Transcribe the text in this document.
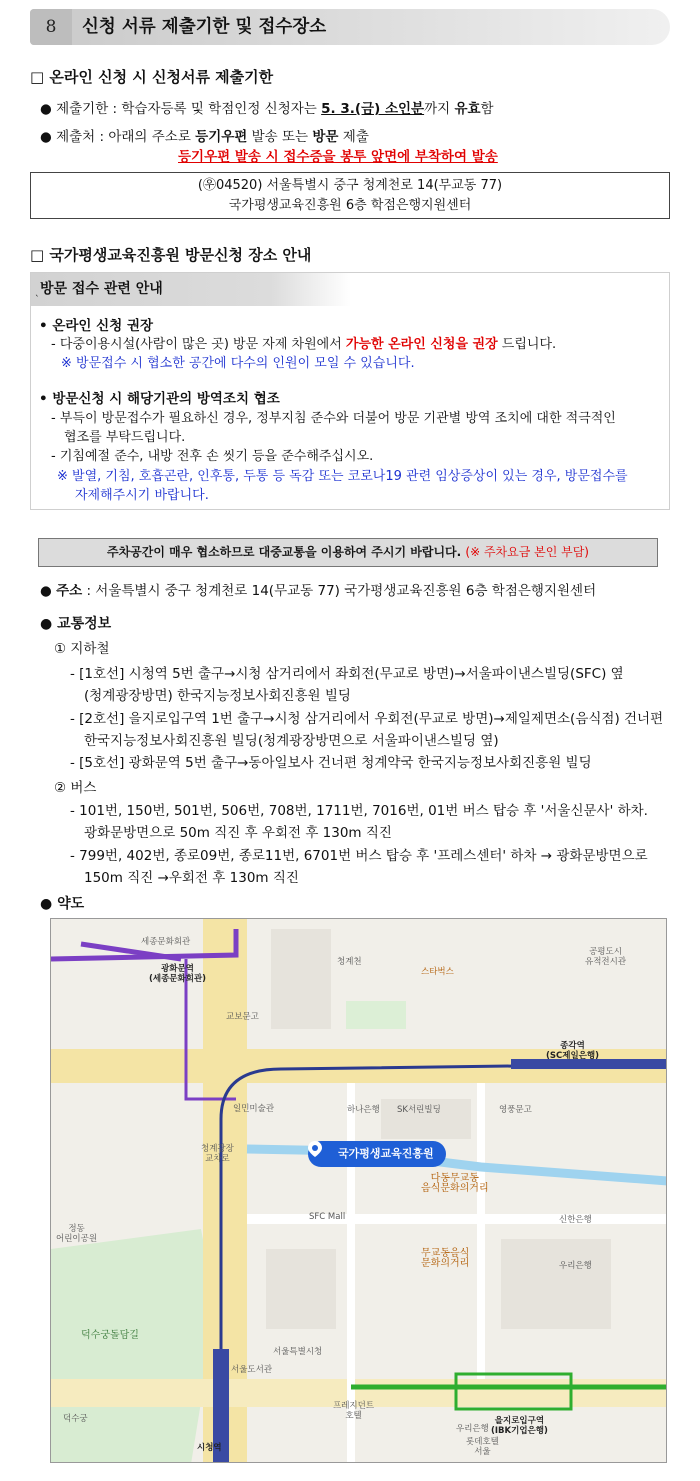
8	신청 서류 제출기한 및 접수장소
□ 온라인 신청 시 신청서류 제출기한
● 제출기한 : 학습자등록 및 학점인정 신청자는 5. 3.(금) 소인분까지 유효함
● 제출처 : 아래의 주소로 등기우편 발송 또는 방문 제출
등기우편 발송 시 접수증을 봉투 앞면에 부착하여 발송
(㉾04520) 서울특별시 중구 청계천로 14(무교동 77)
국가평생교육진흥원 6층 학점은행지원센터
□ 국가평생교육진흥원 방문신청 장소 안내
방문 접수 관련 안내
`
• 온라인 신청 권장
- 다중이용시설(사람이 많은 곳) 방문 자제 차원에서 가능한 온라인 신청을 권장 드립니다.
※ 방문접수 시 협소한 공간에 다수의 인원이 모일 수 있습니다.
• 방문신청 시 해당기관의 방역조치 협조
- 부득이 방문접수가 필요하신 경우, 정부지침 준수와 더불어 방문 기관별 방역 조치에 대한 적극적인
협조를 부탁드립니다.
- 기침예절 준수, 내방 전후 손 씻기 등을 준수해주십시오.
※ 발열, 기침, 호흡곤란, 인후통, 두통 등 독감 또는 코로나19 관련 임상증상이 있는 경우, 방문접수를
자제해주시기 바랍니다.
주차공간이 매우 협소하므로 대중교통을 이용하여 주시기 바랍니다. (※ 주차요금 본인 부담)
● 주소 : 서울특별시 중구 청계천로 14(무교동 77) 국가평생교육진흥원 6층 학점은행지원센터
● 교통정보
① 지하철
- [1호선] 시청역 5번 출구→시청 삼거리에서 좌회전(무교로 방면)→서울파이낸스빌딩(SFC) 옆
(청계광장방면) 한국지능정보사회진흥원 빌딩
- [2호선] 을지로입구역 1번 출구→시청 삼거리에서 우회전(무교로 방면)→제일제면소(음식점) 건너편
한국지능정보사회진흥원 빌딩(청계광장방면으로 서울파이낸스빌딩 옆)
- [5호선] 광화문역 5번 출구→동아일보사 건너편 청계약국 한국지능정보사회진흥원 빌딩
② 버스
- 101번, 150번, 501번, 506번, 708번, 1711번, 7016번, 01번 버스 탑승 후 '서울신문사' 하차.
광화문방면으로 50m 직진 후 우회전 후 130m 직진
- 799번, 402번, 종로09번, 종로11번, 6701번 버스 탑승 후 '프레스센터' 하차 → 광화문방면으로
150m 직진 →우회전 후 130m 직진
● 약도
국가평생교육진흥원
광화문역
(세종문화회관)
종각역
(SC제일은행)
시청역
을지로입구역
(IBK기업은행)
덕수궁돌담길
덕수궁
SFC Mall
다동무교동
음식문화의거리
무교동음식
문화의거리
청계천
서울특별시청
하나은행
교보문고
세종문화회관
스타벅스
신한은행
우리은행
청계광장
교차로
프레지던트
호텔
SK서린빌딩	영풍문고
우리은행
롯데호텔
서울
일민미술관
공평도시
유적전시관
정동
어린이공원
서울도서관
